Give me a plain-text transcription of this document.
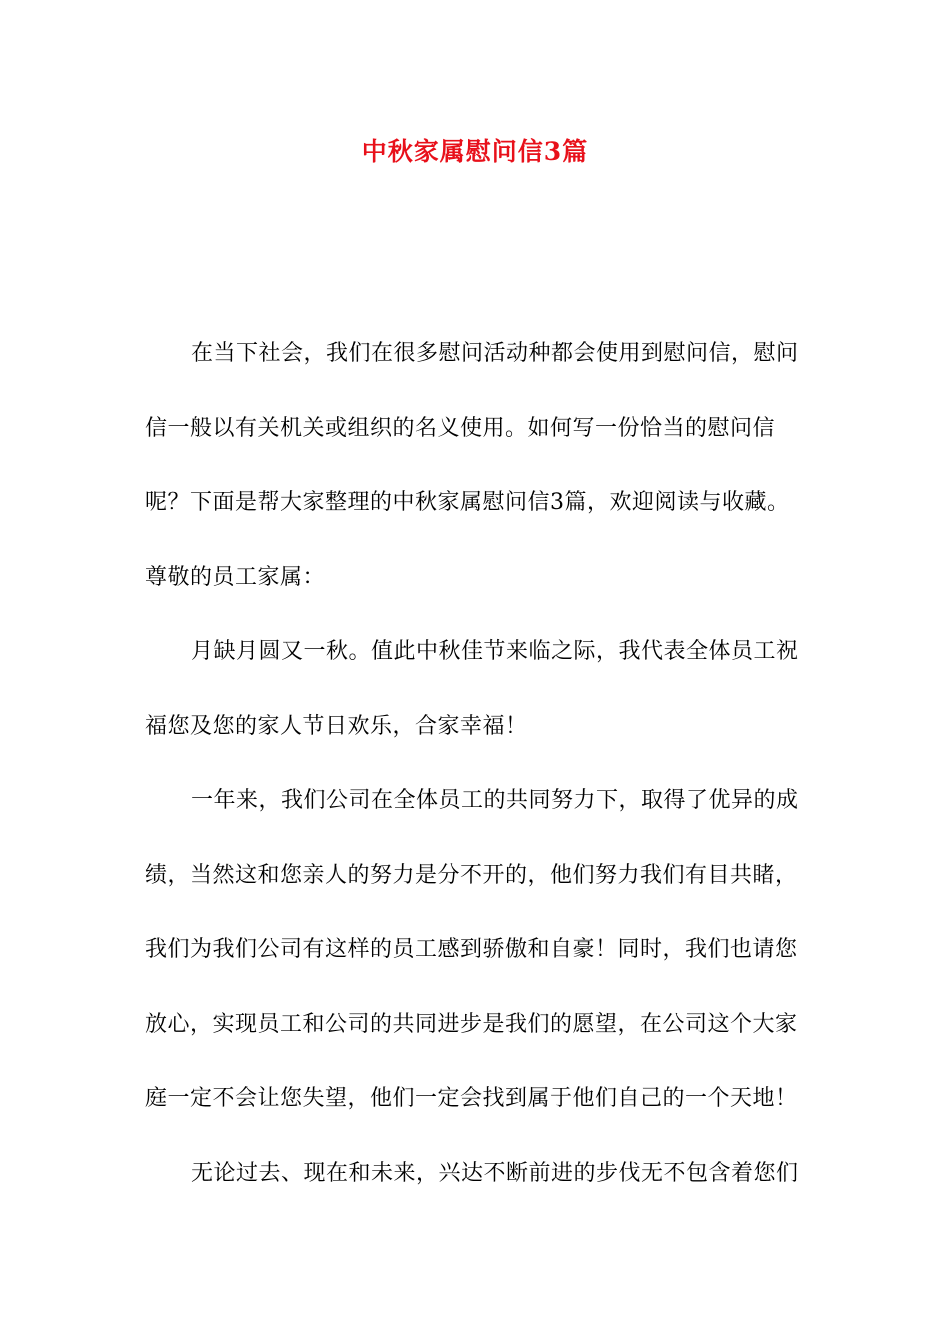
中秋家属慰问信3篇

在当下社会，我们在很多慰问活动种都会使用到慰问信，慰问信一般以有关机关或组织的名义使用。如何写一份恰当的慰问信呢？下面是帮大家整理的中秋家属慰问信3篇，欢迎阅读与收藏。

尊敬的员工家属：

月缺月圆又一秋。值此中秋佳节来临之际，我代表全体员工祝福您及您的家人节日欢乐，合家幸福！

一年来，我们公司在全体员工的共同努力下，取得了优异的成绩，当然这和您亲人的努力是分不开的，他们努力我们有目共睹，我们为我们公司有这样的员工感到骄傲和自豪！同时，我们也请您放心，实现员工和公司的共同进步是我们的愿望，在公司这个大家庭一定不会让您失望，他们一定会找到属于他们自己的一个天地！

无论过去、现在和未来，兴达不断前进的步伐无不包含着您们
